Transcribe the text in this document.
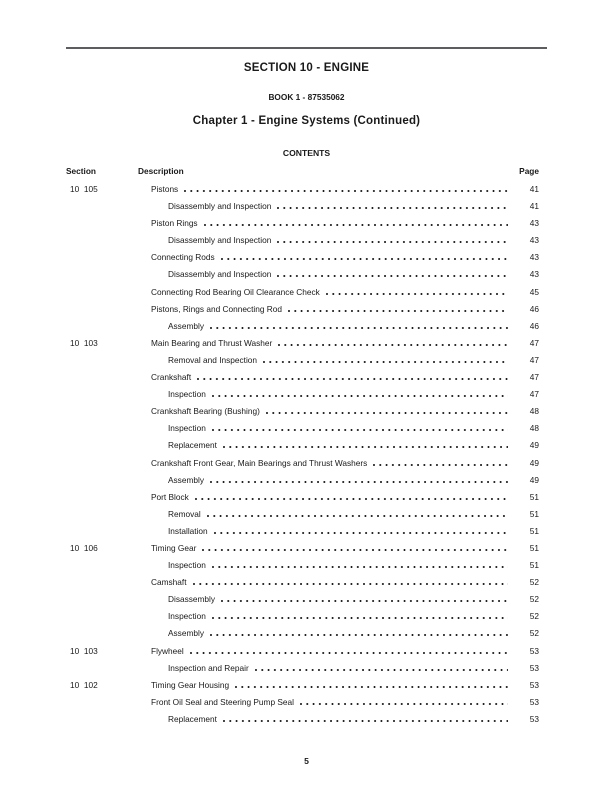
SECTION 10 - ENGINE
BOOK 1 - 87535062
Chapter 1 - Engine Systems (Continued)
CONTENTS
Section	Description	Page
10  105	Pistons	41
Disassembly and Inspection	41
Piston Rings	43
Disassembly and Inspection	43
Connecting Rods	43
Disassembly and Inspection	43
Connecting Rod Bearing Oil Clearance Check	45
Pistons, Rings and Connecting Rod	46
Assembly	46
10  103	Main Bearing and Thrust Washer	47
Removal and Inspection	47
Crankshaft	47
Inspection	47
Crankshaft Bearing (Bushing)	48
Inspection	48
Replacement	49
Crankshaft Front Gear, Main Bearings and Thrust Washers	49
Assembly	49
Port Block	51
Removal	51
Installation	51
10  106	Timing Gear	51
Inspection	51
Camshaft	52
Disassembly	52
Inspection	52
Assembly	52
10  103	Flywheel	53
Inspection and Repair	53
10  102	Timing Gear Housing	53
Front Oil Seal and Steering Pump Seal	53
Replacement	53
5
